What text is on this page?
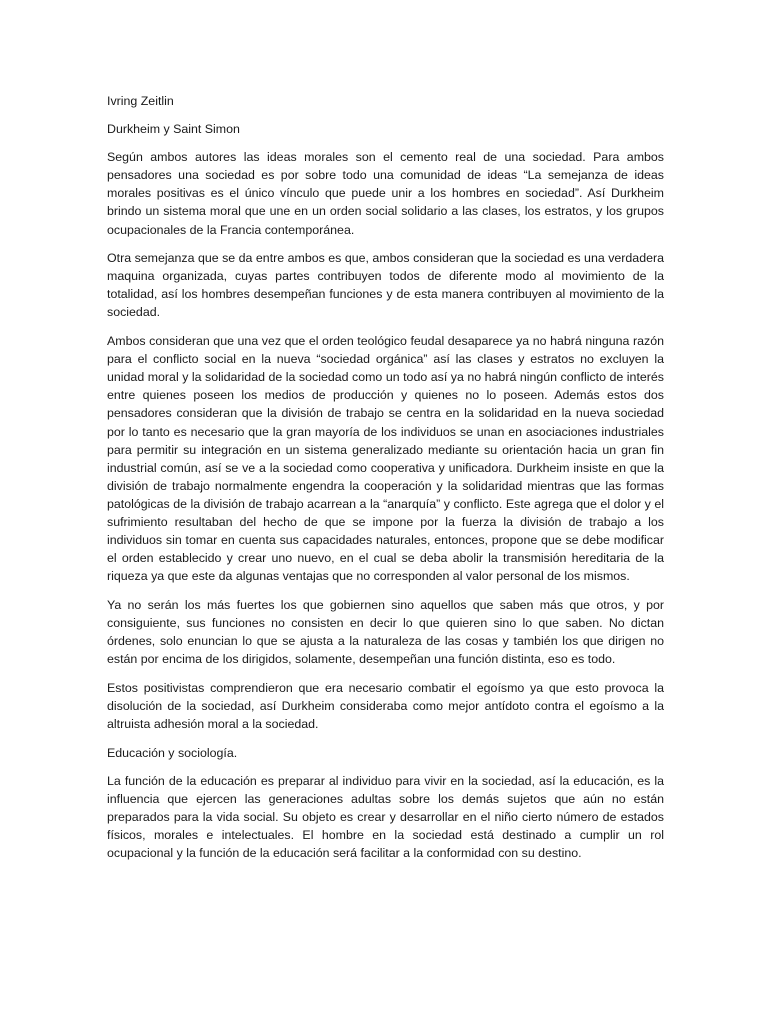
Ivring Zeitlin

Durkheim y Saint Simon

Según ambos autores las ideas morales son el cemento real de una sociedad. Para ambos pensadores una sociedad es por sobre todo una comunidad de ideas “La semejanza de ideas morales positivas es el único vínculo que puede unir a los hombres en sociedad”. Así Durkheim brindo un sistema moral que une en un orden social solidario a las clases, los estratos, y los grupos ocupacionales de la Francia contemporánea.

Otra semejanza que se da entre ambos es que, ambos consideran que la sociedad es una verdadera maquina organizada, cuyas partes contribuyen todos de diferente modo al movimiento de la totalidad, así los hombres desempeñan funciones y de esta manera contribuyen al movimiento de la sociedad.

Ambos consideran que una vez que el orden teológico feudal desaparece ya no habrá ninguna razón para el conflicto social en la nueva “sociedad orgánica” así las clases y estratos no excluyen la unidad moral y la solidaridad de la sociedad como un todo así ya no habrá ningún conflicto de interés entre quienes poseen los medios de producción y quienes no lo poseen. Además estos dos pensadores consideran que la división de trabajo se centra en la solidaridad en la nueva sociedad por lo tanto es necesario que la gran mayoría de los individuos se unan en asociaciones industriales para permitir su integración en un sistema generalizado mediante su orientación hacia un gran fin industrial común, así se ve a la sociedad como cooperativa y unificadora. Durkheim insiste en que la división de trabajo normalmente engendra la cooperación y la solidaridad mientras que las formas patológicas de la división de trabajo acarrean a la “anarquía” y conflicto. Este agrega que el dolor y el sufrimiento resultaban del hecho de que se impone por la fuerza la división de trabajo a los individuos sin tomar en cuenta sus capacidades naturales, entonces, propone que se debe modificar el orden establecido y crear uno nuevo, en el cual se deba abolir la transmisión hereditaria de la riqueza ya que este da algunas ventajas que no corresponden al valor personal de los mismos.

Ya no serán los más fuertes los que gobiernen sino aquellos que saben más que otros, y por consiguiente, sus funciones no consisten en decir lo que quieren sino lo que saben. No dictan órdenes, solo enuncian lo que se ajusta a la naturaleza de las cosas y también los que dirigen no están por encima de los dirigidos, solamente, desempeñan una función distinta, eso es todo.

Estos positivistas comprendieron que era necesario combatir el egoísmo ya que esto provoca la disolución de la sociedad, así Durkheim consideraba como mejor antídoto contra el egoísmo a la altruista adhesión moral a la sociedad.

Educación y sociología.

La función de la educación es preparar al individuo para vivir en la sociedad, así la educación, es la influencia que ejercen las generaciones adultas sobre los demás sujetos que aún no están preparados para la vida social. Su objeto es crear y desarrollar en el niño cierto número de estados físicos, morales e intelectuales. El hombre en la sociedad está destinado a cumplir un rol ocupacional y la función de la educación será facilitar a la conformidad con su destino.
